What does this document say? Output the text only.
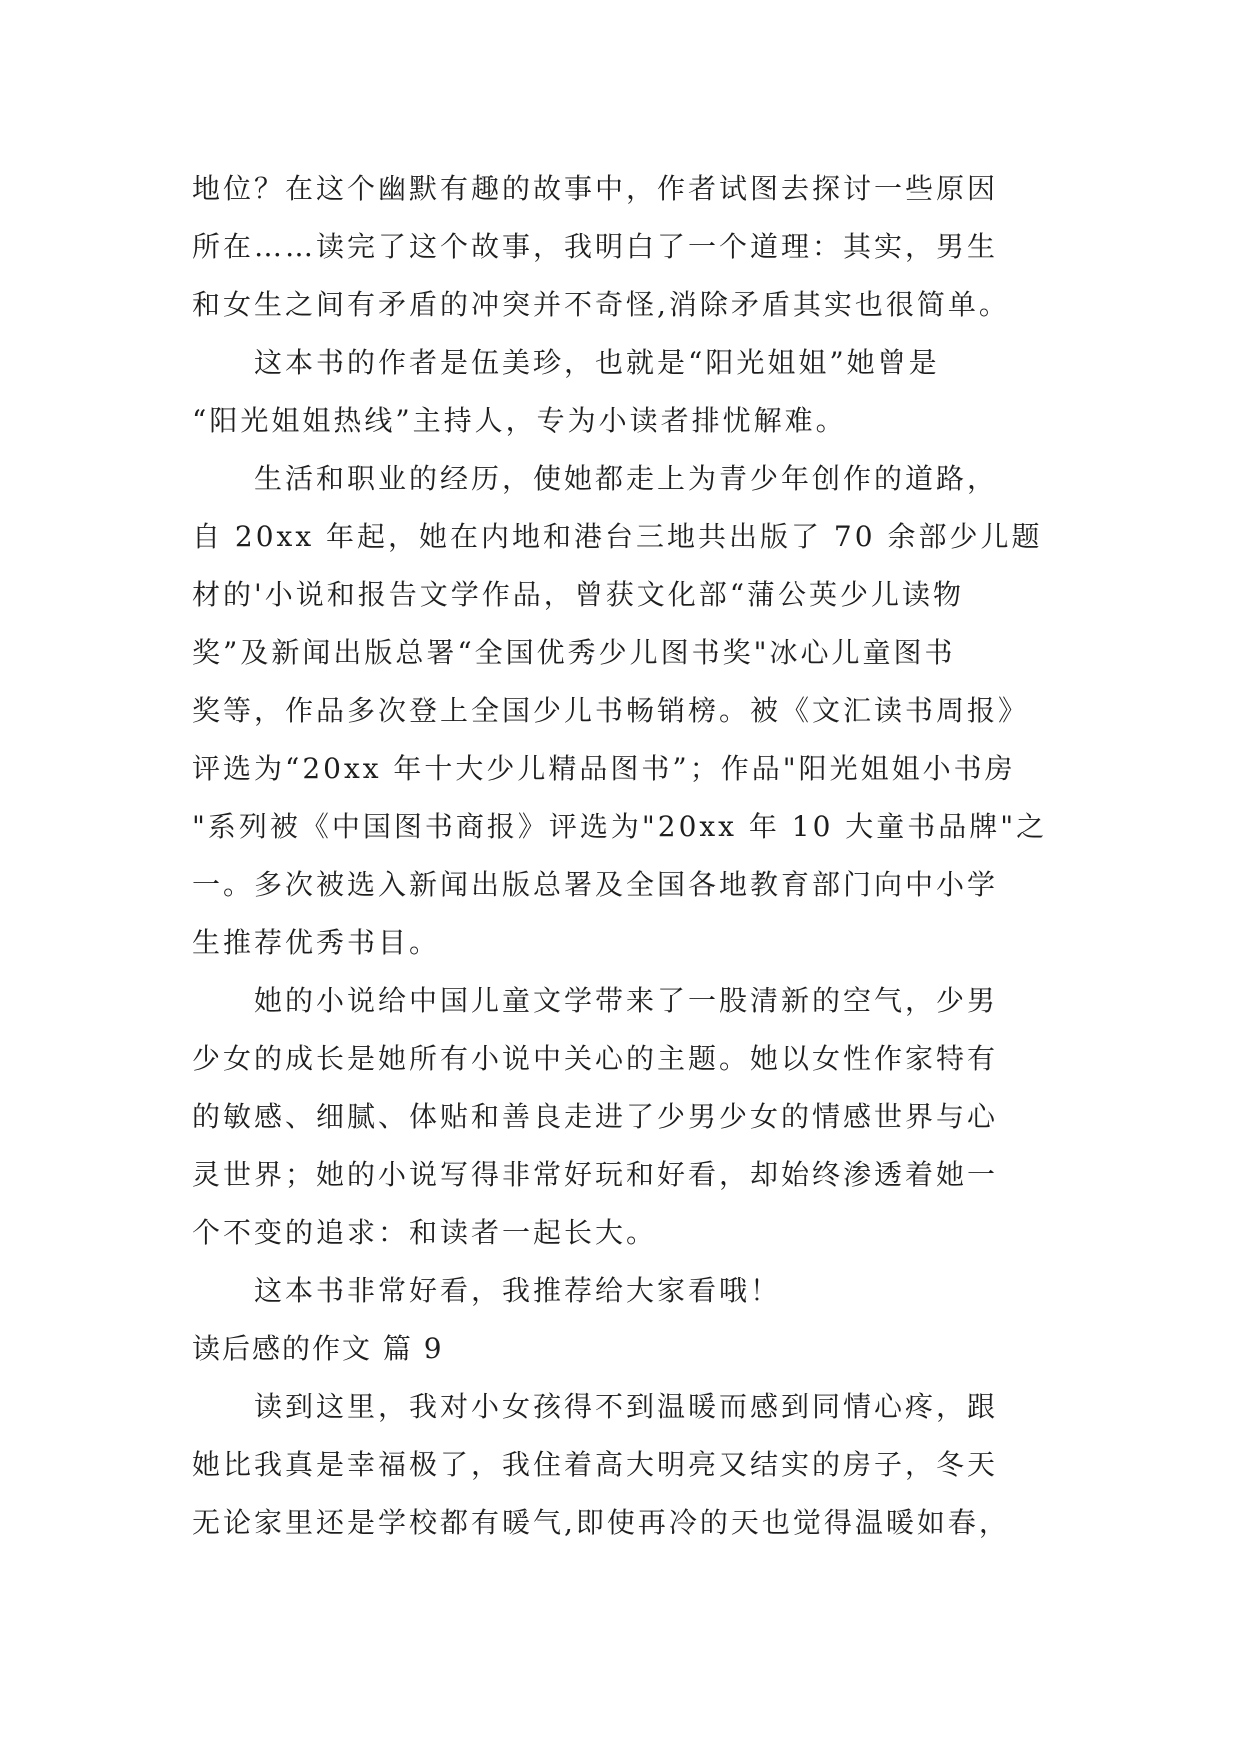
地位？在这个幽默有趣的故事中，作者试图去探讨一些原因
所在……读完了这个故事，我明白了一个道理：其实，男生
和女生之间有矛盾的冲突并不奇怪,消除矛盾其实也很简单。
这本书的作者是伍美珍，也就是“阳光姐姐”她曾是
“阳光姐姐热线”主持人，专为小读者排忧解难。
生活和职业的经历，使她都走上为青少年创作的道路，
自 20xx 年起，她在内地和港台三地共出版了 70 余部少儿题
材的'小说和报告文学作品，曾获文化部“蒲公英少儿读物
奖”及新闻出版总署“全国优秀少儿图书奖"冰心儿童图书
奖等，作品多次登上全国少儿书畅销榜。被《文汇读书周报》
评选为“20xx 年十大少儿精品图书”；作品"阳光姐姐小书房
"系列被《中国图书商报》评选为"20xx 年 10 大童书品牌"之
一。多次被选入新闻出版总署及全国各地教育部门向中小学
生推荐优秀书目。
她的小说给中国儿童文学带来了一股清新的空气，少男
少女的成长是她所有小说中关心的主题。她以女性作家特有
的敏感、细腻、体贴和善良走进了少男少女的情感世界与心
灵世界；她的小说写得非常好玩和好看，却始终渗透着她一
个不变的追求：和读者一起长大。
这本书非常好看，我推荐给大家看哦！
读后感的作文 篇 9
读到这里，我对小女孩得不到温暖而感到同情心疼，跟
她比我真是幸福极了，我住着高大明亮又结实的房子，冬天
无论家里还是学校都有暖气,即使再冷的天也觉得温暖如春，
